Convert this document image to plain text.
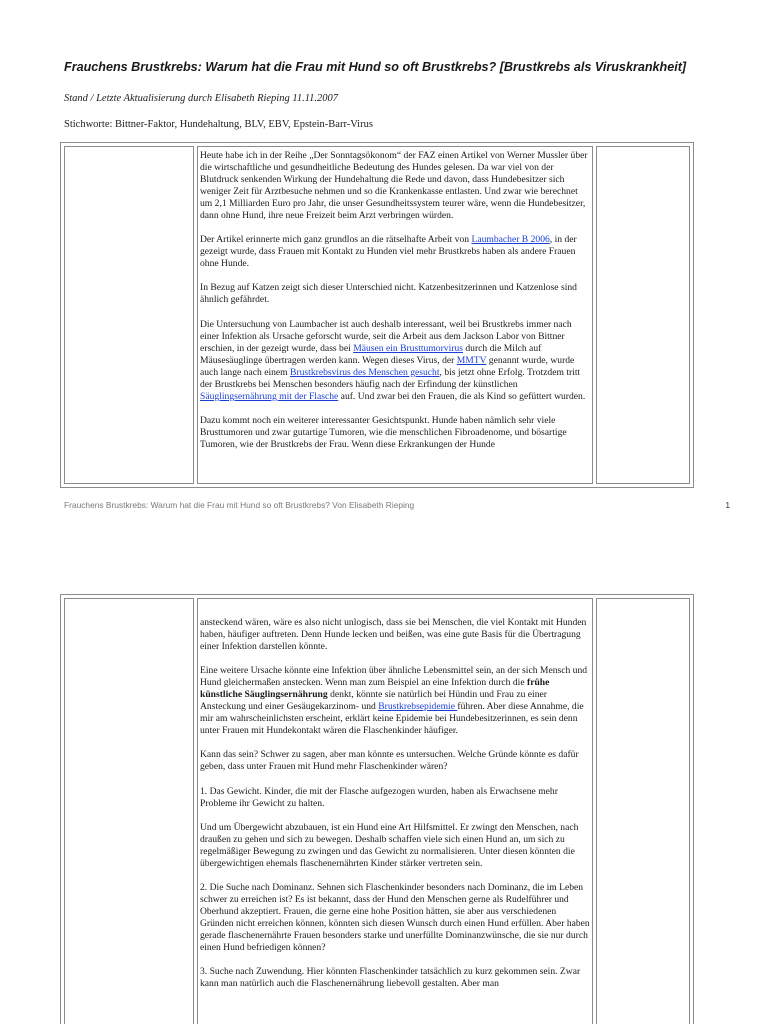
Frauchens Brustkrebs: Warum hat die Frau mit Hund so oft Brustkrebs? [Brustkrebs als Viruskrankheit]
Stand / Letzte Aktualisierung durch Elisabeth Rieping 11.11.2007
Stichworte: Bittner-Faktor, Hundehaltung, BLV, EBV, Epstein-Barr-Virus

Heute habe ich in der Reihe „Der Sonntagsökonom“ der FAZ einen Artikel von Werner Mussler über die wirtschaftliche und gesundheitliche Bedeutung des Hundes gelesen. Da war viel von der Blutdruck senkenden Wirkung der Hundehaltung die Rede und davon, dass Hundebesitzer sich weniger Zeit für Arztbesuche nehmen und so die Krankenkasse entlasten. Und zwar wie berechnet um 2,1 Milliarden Euro pro Jahr, die unser Gesundheitssystem teurer wäre, wenn die Hundebesitzer, dann ohne Hund, ihre neue Freizeit beim Arzt verbringen würden.

Der Artikel erinnerte mich ganz grundlos an die rätselhafte Arbeit von Laumbacher B 2006, in der gezeigt wurde, dass Frauen mit Kontakt zu Hunden viel mehr Brustkrebs haben als andere Frauen ohne Hunde.

In Bezug auf Katzen zeigt sich dieser Unterschied nicht. Katzenbesitzerinnen und Katzenlose sind ähnlich gefährdet.

Die Untersuchung von Laumbacher ist auch deshalb interessant, weil bei Brustkrebs immer nach einer Infektion als Ursache geforscht wurde, seit die Arbeit aus dem Jackson Labor von Bittner erschien, in der gezeigt wurde, dass bei Mäusen ein Brusttumorvirus durch die Milch auf Mäusesäuglinge übertragen werden kann. Wegen dieses Virus, der MMTV genannt wurde, wurde auch lange nach einem Brustkrebsvirus des Menschen gesucht, bis jetzt ohne Erfolg. Trotzdem tritt der Brustkrebs bei Menschen besonders häufig nach der Erfindung der künstlichen Säuglingsernährung mit der Flasche auf. Und zwar bei den Frauen, die als Kind so gefüttert wurden.

Dazu kommt noch ein weiterer interessanter Gesichtspunkt. Hunde haben nämlich sehr viele Brusttumoren und zwar gutartige Tumoren, wie die menschlichen Fibroadenome, und bösartige Tumoren, wie der Brustkrebs der Frau. Wenn diese Erkrankungen der Hunde

Frauchens Brustkrebs: Warum hat die Frau mit Hund so oft Brustkrebs? Von Elisabeth Rieping	1

ansteckend wären, wäre es also nicht unlogisch, dass sie bei Menschen, die viel Kontakt mit Hunden haben, häufiger auftreten. Denn Hunde lecken und beißen, was eine gute Basis für die Übertragung einer Infektion darstellen könnte.

Eine weitere Ursache könnte eine Infektion über ähnliche Lebensmittel sein, an der sich Mensch und Hund gleichermaßen anstecken. Wenn man zum Beispiel an eine Infektion durch die frühe künstliche Säuglingsernährung denkt, könnte sie natürlich bei Hündin und Frau zu einer Ansteckung und einer Gesäugekarzinom- und Brustkrebsepidemie führen. Aber diese Annahme, die mir am wahrscheinlichsten erscheint, erklärt keine Epidemie bei Hundebesitzerinnen, es sein denn unter Frauen mit Hundekontakt wären die Flaschenkinder häufiger.

Kann das sein? Schwer zu sagen, aber man könnte es untersuchen. Welche Gründe könnte es dafür geben, dass unter Frauen mit Hund mehr Flaschenkinder wären?

1. Das Gewicht. Kinder, die mit der Flasche aufgezogen wurden, haben als Erwachsene mehr Probleme ihr Gewicht zu halten.

Und um Übergewicht abzubauen, ist ein Hund eine Art Hilfsmittel. Er zwingt den Menschen, nach draußen zu gehen und sich zu bewegen. Deshalb schaffen viele sich einen Hund an, um sich zu regelmäßiger Bewegung zu zwingen und das Gewicht zu normalisieren. Unter diesen könnten die übergewichtigen ehemals flaschenernährten Kinder stärker vertreten sein.

2. Die Suche nach Dominanz. Sehnen sich Flaschenkinder besonders nach Dominanz, die im Leben schwer zu erreichen ist? Es ist bekannt, dass der Hund den Menschen gerne als Rudelführer und Oberhund akzeptiert. Frauen, die gerne eine hohe Position hätten, sie aber aus verschiedenen Gründen nicht erreichen können, könnten sich diesen Wunsch durch einen Hund erfüllen. Aber haben gerade flaschenernährte Frauen besonders starke und unerfüllte Dominanzwünsche, die sie nur durch einen Hund befriedigen können?

3. Suche nach Zuwendung. Hier könnten Flaschenkinder tatsächlich zu kurz gekommen sein. Zwar kann man natürlich auch die Flaschenernährung liebevoll gestalten. Aber man
